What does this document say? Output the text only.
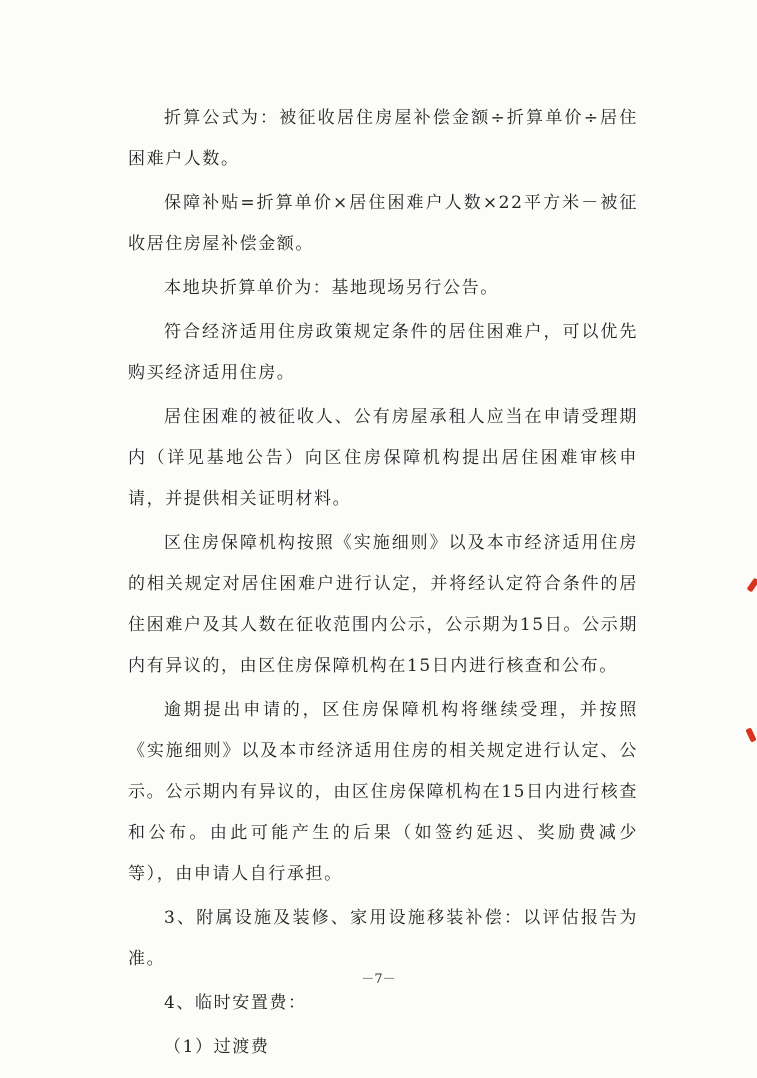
折算公式为：被征收居住房屋补偿金额÷折算单价÷居住困难户人数。

保障补贴=折算单价×居住困难户人数×22平方米－被征收居住房屋补偿金额。

本地块折算单价为：基地现场另行公告。

符合经济适用住房政策规定条件的居住困难户，可以优先购买经济适用住房。

居住困难的被征收人、公有房屋承租人应当在申请受理期内（详见基地公告）向区住房保障机构提出居住困难审核申请，并提供相关证明材料。

区住房保障机构按照《实施细则》以及本市经济适用住房的相关规定对居住困难户进行认定，并将经认定符合条件的居住困难户及其人数在征收范围内公示，公示期为15日。公示期内有异议的，由区住房保障机构在15日内进行核查和公布。

逾期提出申请的，区住房保障机构将继续受理，并按照《实施细则》以及本市经济适用住房的相关规定进行认定、公示。公示期内有异议的，由区住房保障机构在15日内进行核查和公布。由此可能产生的后果（如签约延迟、奖励费减少等），由申请人自行承担。

3、附属设施及装修、家用设施移装补偿：以评估报告为准。

4、临时安置费：

（1）过渡费

－7－
